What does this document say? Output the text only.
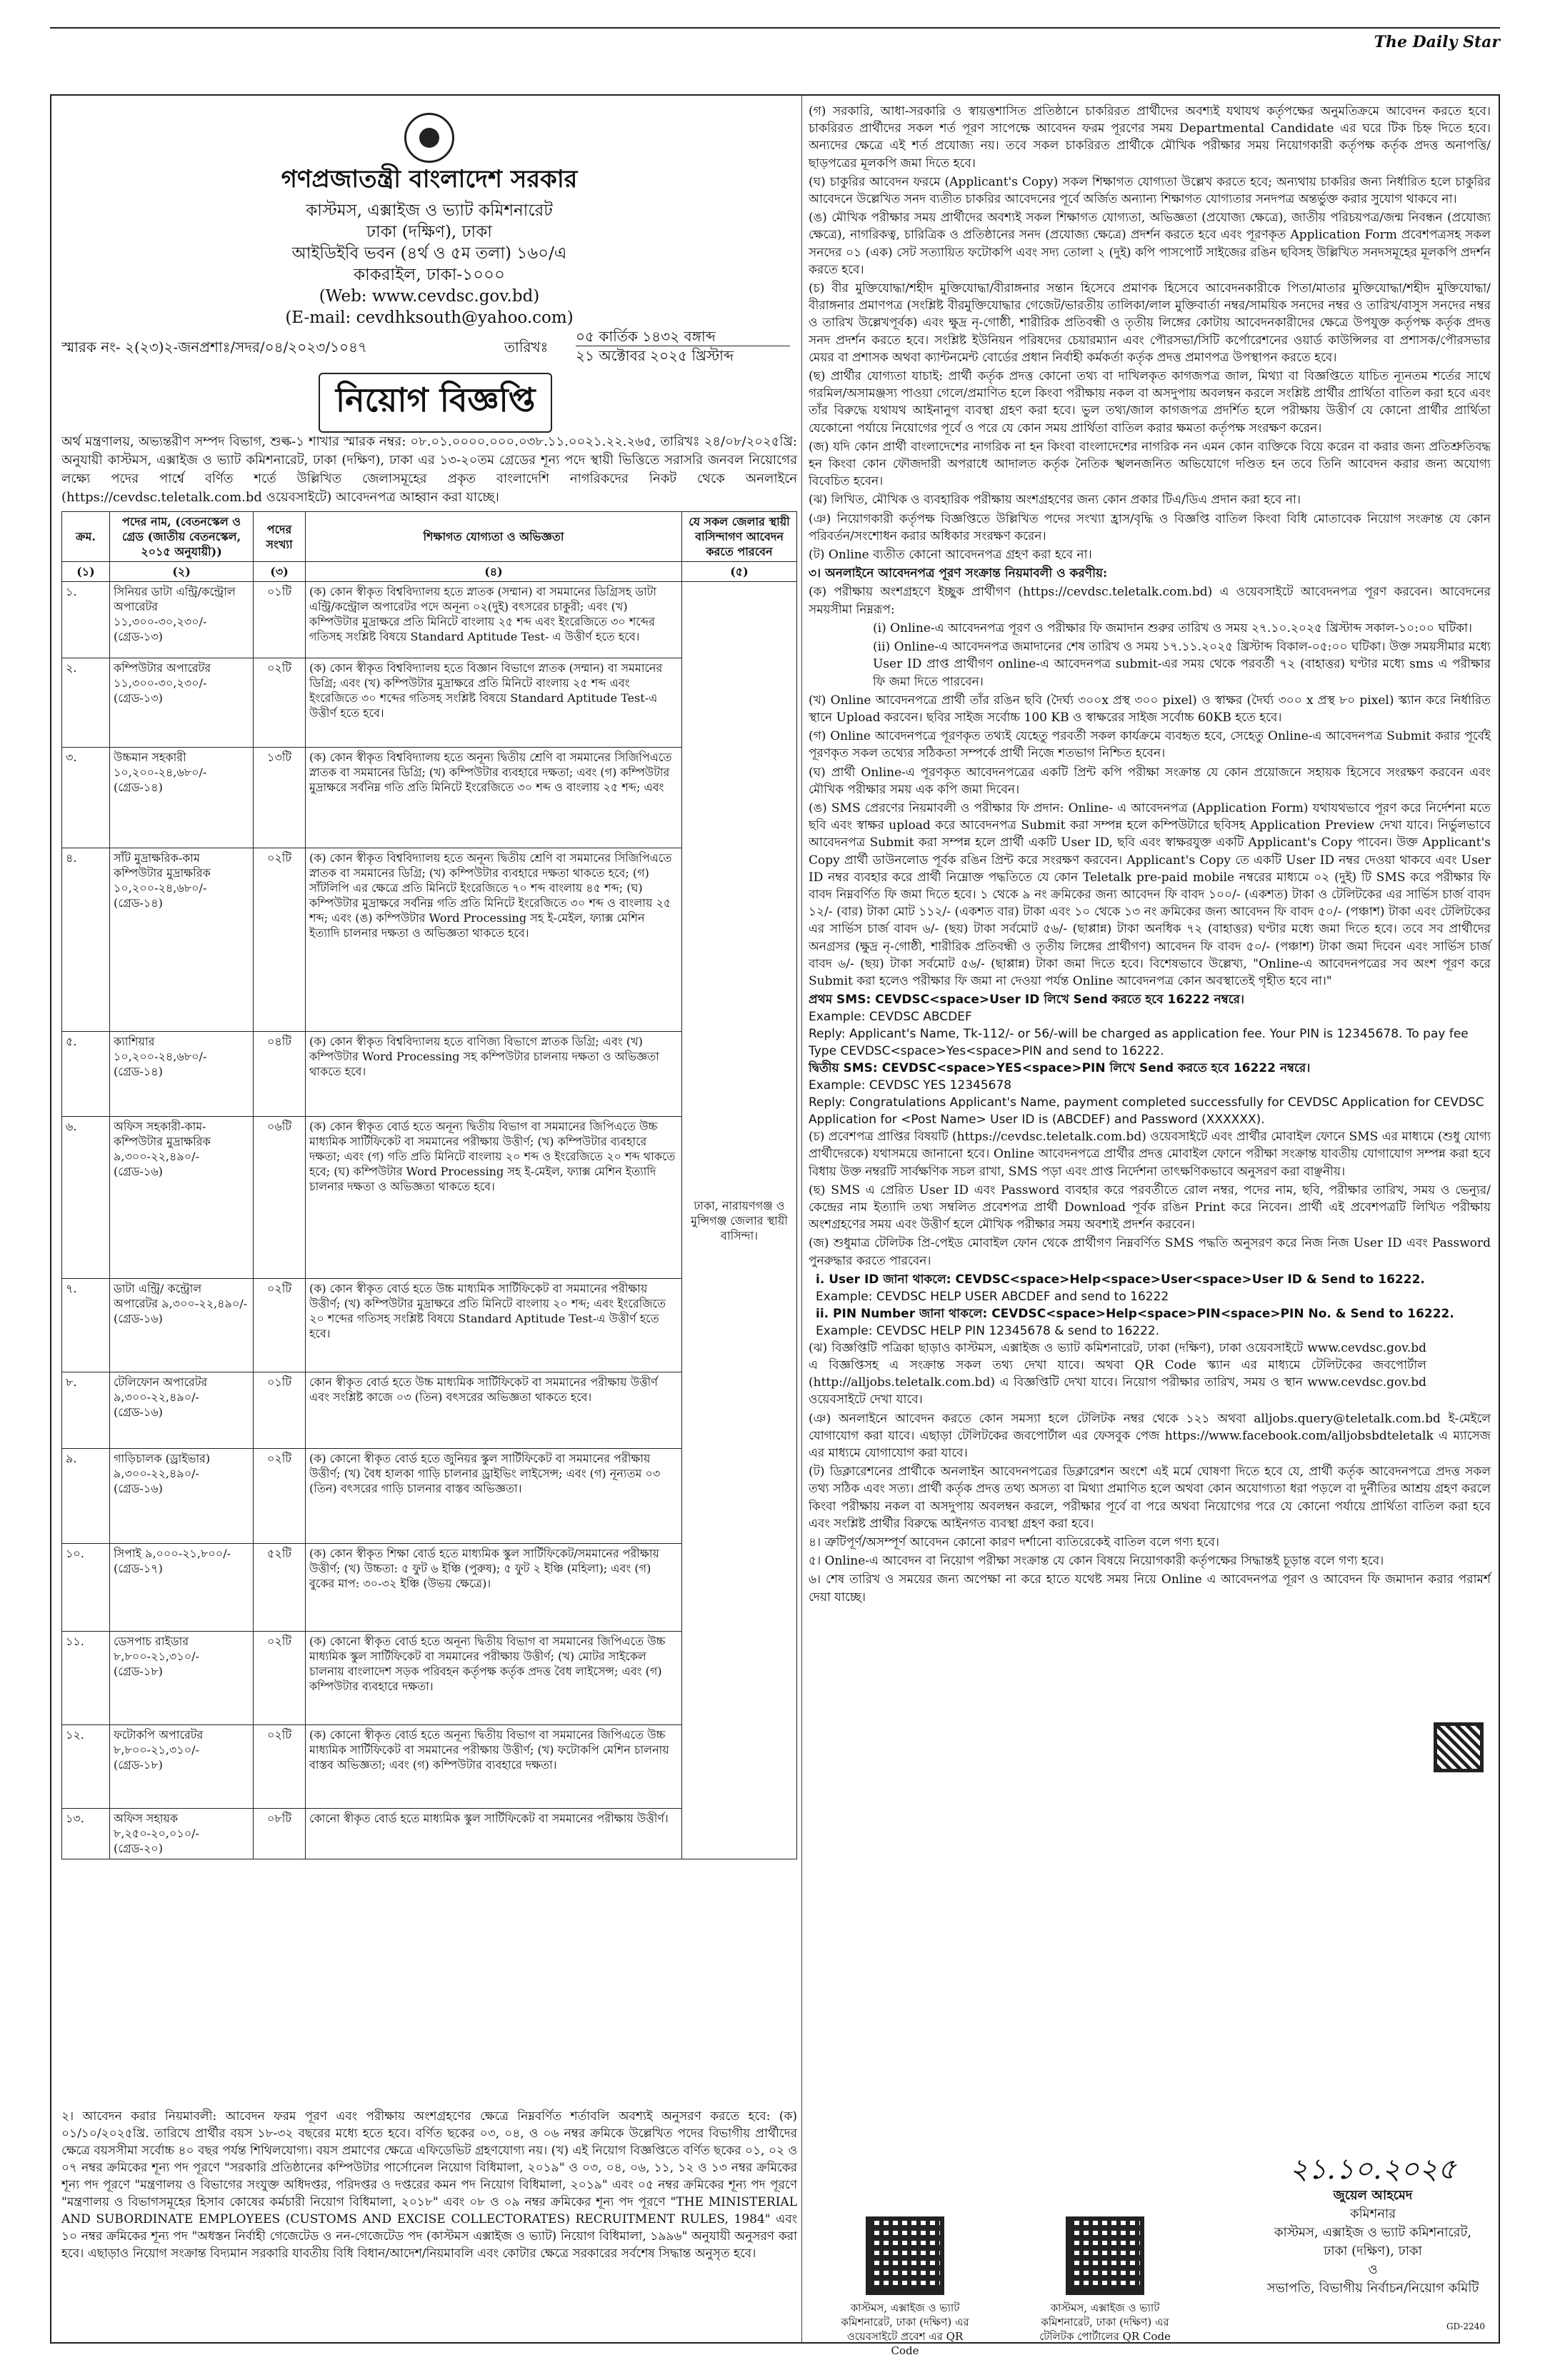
The Daily Star
গণপ্রজাতন্ত্রী বাংলাদেশ সরকার
কাস্টমস, এক্সাইজ ও ভ্যাট কমিশনারেট
ঢাকা (দক্ষিণ), ঢাকা
আইডিইবি ভবন (৪র্থ ও ৫ম তলা) ১৬০/এ
কাকরাইল, ঢাকা-১০০০
(Web: www.cevdsc.gov.bd)
(E-mail: cevdhksouth@yahoo.com)
স্মারক নং- ২(২৩)২-জনপ্রশাঃ/সদর/০৪/২০২৩/১০৪৭	তারিখঃ
০৫ কার্তিক ১৪৩২ বঙ্গাব্দ
২১ অক্টোবর ২০২৫ খ্রিস্টাব্দ
নিয়োগ বিজ্ঞপ্তি
অর্থ মন্ত্রণালয়, অভ্যন্তরীণ সম্পদ বিভাগ, শুল্ক-১ শাখার স্মারক নম্বর: ০৮.০১.০০০০.০০০.০৩৮.১১.০০২১.২২.২৬৫, তারিখঃ ২৪/০৮/২০২৫খ্রি: অনুযায়ী কাস্টমস, এক্সাইজ ও ভ্যাট কমিশনারেট, ঢাকা (দক্ষিণ), ঢাকা এর ১৩-২০তম গ্রেডের শূন্য পদে স্থায়ী ভিত্তিতে সরাসরি জনবল নিয়োগের লক্ষ্যে পদের পার্শ্বে বর্ণিত শর্তে উল্লিখিত জেলাসমূহের প্রকৃত বাংলাদেশি নাগরিকদের নিকট থেকে অনলাইনে (https://cevdsc.teletalk.com.bd ওয়েবসাইটে) আবেদনপত্র আহ্বান করা যাচ্ছে।
ক্রম.	পদের নাম, (বেতনস্কেল ও গ্রেড (জাতীয় বেতনস্কেল, ২০১৫ অনুযায়ী))	পদের সংখ্যা	শিক্ষাগত যোগ্যতা ও অভিজ্ঞতা	যে সকল জেলার স্থায়ী বাসিন্দাগণ আবেদন করতে পারবেন
(১)	(২)	(৩)	(৪)	(৫)
১.	সিনিয়র ডাটা এন্ট্রি/কন্ট্রোল অপারেটর ১১,৩০০-৩০,২৩০/- (গ্রেড-১৩)	০১টি	(ক) কোন স্বীকৃত বিশ্ববিদ্যালয় হতে স্নাতক (সম্মান) বা সমমানের ডিগ্রিসহ ডাটা এন্ট্রি/কন্ট্রোল অপারেটর পদে অনূন্য ০২(দুই) বৎসরের চাকুরী; এবং (খ) কম্পিউটার মুদ্রাক্ষরে প্রতি মিনিটে বাংলায় ২৫ শব্দ এবং ইংরেজিতে ৩০ শব্দের গতিসহ সংশ্লিষ্ট বিষয়ে Standard Aptitude Test- এ উত্তীর্ণ হতে হবে।	ঢাকা, নারায়ণগঞ্জ ও মুন্সিগঞ্জ জেলার স্থায়ী বাসিন্দা।
২.	কম্পিউটার অপারেটর ১১,৩০০-৩০,২৩০/- (গ্রেড-১৩)	০২টি	(ক) কোন স্বীকৃত বিশ্ববিদ্যালয় হতে বিজ্ঞান বিভাগে স্নাতক (সম্মান) বা সমমানের ডিগ্রি; এবং (খ) কম্পিউটার মুদ্রাক্ষরে প্রতি মিনিটে বাংলায় ২৫ শব্দ এবং ইংরেজিতে ৩০ শব্দের গতিসহ সংশ্লিষ্ট বিষয়ে Standard Aptitude Test-এ উত্তীর্ণ হতে হবে।	
৩.	উচ্চমান সহকারী ১০,২০০-২৪,৬৮০/- (গ্রেড-১৪)	১৩টি	(ক) কোন স্বীকৃত বিশ্ববিদ্যালয় হতে অনূন্য দ্বিতীয় শ্রেণি বা সমমানের সিজিপিএতে স্নাতক বা সমমানের ডিগ্রি; (খ) কম্পিউটার ব্যবহারে দক্ষতা; এবং (গ) কম্পিউটার মুদ্রাক্ষরে সর্বনিম্ন গতি প্রতি মিনিটে ইংরেজিতে ৩০ শব্দ ও বাংলায় ২৫ শব্দ; এবং	
৪.	সাঁট মুদ্রাক্ষরিক-কাম কম্পিউটার মুদ্রাক্ষরিক ১০,২০০-২৪,৬৮০/- (গ্রেড-১৪)	০২টি	(ক) কোন স্বীকৃত বিশ্ববিদ্যালয় হতে অনূন্য দ্বিতীয় শ্রেণি বা সমমানের সিজিপিএতে স্নাতক বা সমমানের ডিগ্রি; (খ) কম্পিউটার ব্যবহারে দক্ষতা থাকতে হবে; (গ) সাঁটলিপি এর ক্ষেত্রে প্রতি মিনিটে ইংরেজিতে ৭০ শব্দ বাংলায় ৪৫ শব্দ; (ঘ) কম্পিউটার মুদ্রাক্ষরে সর্বনিম্ন গতি প্রতি মিনিটে ইংরেজিতে ৩০ শব্দ ও বাংলায় ২৫ শব্দ; এবং (ঙ) কম্পিউটার Word Processing সহ ই-মেইল, ফ্যাক্স মেশিন ইত্যাদি চালনার দক্ষতা ও অভিজ্ঞতা থাকতে হবে।	
৫.	ক্যাশিয়ার ১০,২০০-২৪,৬৮০/- (গ্রেড-১৪)	০৪টি	(ক) কোন স্বীকৃত বিশ্ববিদ্যালয় হতে বাণিজ্য বিভাগে স্নাতক ডিগ্রি; এবং (খ) কম্পিউটার Word Processing সহ কম্পিউটার চালনায় দক্ষতা ও অভিজ্ঞতা থাকতে হবে।	
৬.	অফিস সহকারী-কাম-কম্পিউটার মুদ্রাক্ষরিক ৯,৩০০-২২,৪৯০/- (গ্রেড-১৬)	০৬টি	(ক) কোন স্বীকৃত বোর্ড হতে অনূন্য দ্বিতীয় বিভাগ বা সমমানের জিপিএতে উচ্চ মাধ্যমিক সার্টিফিকেট বা সমমানের পরীক্ষায় উত্তীর্ণ; (খ) কম্পিউটার ব্যবহারে দক্ষতা; এবং (গ) গতি প্রতি মিনিটে বাংলায় ২০ শব্দ ও ইংরেজিতে ২০ শব্দ থাকতে হবে; (ঘ) কম্পিউটার Word Processing সহ ই-মেইল, ফ্যাক্স মেশিন ইত্যাদি চালনার দক্ষতা ও অভিজ্ঞতা থাকতে হবে।	
৭.	ডাটা এন্ট্রি/ কন্ট্রোল অপারেটর ৯,৩০০-২২,৪৯০/- (গ্রেড-১৬)	০২টি	(ক) কোন স্বীকৃত বোর্ড হতে উচ্চ মাধ্যমিক সার্টিফিকেট বা সমমানের পরীক্ষায় উত্তীর্ণ; (খ) কম্পিউটার মুদ্রাক্ষরে প্রতি মিনিটে বাংলায় ২০ শব্দ; এবং ইংরেজিতে ২০ শব্দের গতিসহ সংশ্লিষ্ট বিষয়ে Standard Aptitude Test-এ উত্তীর্ণ হতে হবে।	
৮.	টেলিফোন অপারেটর ৯,৩০০-২২,৪৯০/- (গ্রেড-১৬)	০১টি	কোন স্বীকৃত বোর্ড হতে উচ্চ মাধ্যমিক সার্টিফিকেট বা সমমানের পরীক্ষায় উত্তীর্ণ এবং সংশ্লিষ্ট কাজে ০৩ (তিন) বৎসরের অভিজ্ঞতা থাকতে হবে।	
৯.	গাড়িচালক (ড্রাইভার) ৯,৩০০-২২,৪৯০/- (গ্রেড-১৬)	০২টি	(ক) কোনো স্বীকৃত বোর্ড হতে জুনিয়র স্কুল সার্টিফিকেট বা সমমানের পরীক্ষায় উত্তীর্ণ; (খ) বৈধ হালকা গাড়ি চালনার ড্রাইভিং লাইসেন্স; এবং (গ) নূন্যতম ০৩ (তিন) বৎসরের গাড়ি চালনার বাস্তব অভিজ্ঞতা।	
১০.	সিপাই ৯,০০০-২১,৮০০/- (গ্রেড-১৭)	৫২টি	(ক) কোন স্বীকৃত শিক্ষা বোর্ড হতে মাধ্যমিক স্কুল সার্টিফিকেট/সমমানের পরীক্ষায় উত্তীর্ণ; (খ) উচ্চতা: ৫ ফুট ৬ ইঞ্চি (পুরুষ); ৫ ফুট ২ ইঞ্চি (মহিলা); এবং (গ) বুকের মাপ: ৩০-৩২ ইঞ্চি (উভয় ক্ষেত্রে)।	
১১.	ডেসপাচ রাইডার ৮,৮০০-২১,৩১০/- (গ্রেড-১৮)	০২টি	(ক) কোনো স্বীকৃত বোর্ড হতে অনূন্য দ্বিতীয় বিভাগ বা সমমানের জিপিএতে উচ্চ মাধ্যমিক স্কুল সার্টিফিকেট বা সমমানের পরীক্ষায় উত্তীর্ণ; (খ) মোটর সাইকেল চালনায় বাংলাদেশ সড়ক পরিবহন কর্তৃপক্ষ কর্তৃক প্রদত্ত বৈধ লাইসেন্স; এবং (গ) কম্পিউটার ব্যবহারে দক্ষতা।	
১২.	ফটোকপি অপারেটর ৮,৮০০-২১,৩১০/- (গ্রেড-১৮)	০২টি	(ক) কোনো স্বীকৃত বোর্ড হতে অনূন্য দ্বিতীয় বিভাগ বা সমমানের জিপিএতে উচ্চ মাধ্যমিক সার্টিফিকেট বা সমমানের পরীক্ষায় উত্তীর্ণ; (খ) ফটোকপি মেশিন চালনায় বাস্তব অভিজ্ঞতা; এবং (গ) কম্পিউটার ব্যবহারে দক্ষতা।	
১৩.	অফিস সহায়ক ৮,২৫০-২০,০১০/- (গ্রেড-২০)	০৮টি	কোনো স্বীকৃত বোর্ড হতে মাধ্যমিক স্কুল সার্টিফিকেট বা সমমানের পরীক্ষায় উত্তীর্ণ।	
২। আবেদন করার নিয়মাবলী: আবেদন ফরম পূরণ এবং পরীক্ষায় অংশগ্রহণের ক্ষেত্রে নিম্নবর্ণিত শর্তাবলি অবশ্যই অনুসরণ করতে হবে: (ক) ০১/১০/২০২৫খ্রি. তারিখে প্রার্থীর বয়স ১৮-৩২ বছরের মধ্যে হতে হবে। বর্ণিত ছকের ০৩, ০৪, ও ০৬ নম্বর ক্রমিকে উল্লেখিত পদের বিভাগীয় প্রার্থীদের ক্ষেত্রে বয়সসীমা সর্বোচ্চ ৪০ বছর পর্যন্ত শিথিলযোগ্য। বয়স প্রমাণের ক্ষেত্রে এফিডেভিট গ্রহণযোগ্য নয়। (খ) এই নিয়োগ বিজ্ঞপ্তিতে বর্ণিত ছকের ০১, ০২ ও ০৭ নম্বর ক্রমিকের শূন্য পদ পূরণে "সরকারি প্রতিষ্ঠানের কম্পিউটার পার্সোনেল নিয়োগ বিধিমালা, ২০১৯" ও ০৩, ০৪, ০৬, ১১, ১২ ও ১৩ নম্বর ক্রমিকের শূন্য পদ পূরণে "মন্ত্রণালয় ও বিভাগের সংযুক্ত অধিদপ্তর, পরিদপ্তর ও দপ্তরের কমন পদ নিয়োগ বিধিমালা, ২০১৯" এবং ০৫ নম্বর ক্রমিকের শূন্য পদ পূরণে "মন্ত্রণালয় ও বিভাগসমূহের হিসাব কোষের কর্মচারী নিয়োগ বিধিমালা, ২০১৮" এবং ০৮ ও ০৯ নম্বর ক্রমিকের শূন্য পদ পূরণে "THE MINISTERIAL AND SUBORDINATE EMPLOYEES (CUSTOMS AND EXCISE COLLECTORATES) RECRUITMENT RULES, 1984" এবং ১০ নম্বর ক্রমিকের শূন্য পদ "অধস্তন নির্বাহী গেজেটেড ও নন-গেজেটেড পদ (কাস্টমস এক্সাইজ ও ভ্যাট) নিয়োগ বিধিমালা, ১৯৯৬" অনুযায়ী অনুসরণ করা হবে। এছাড়াও নিয়োগ সংক্রান্ত বিদ্যমান সরকারি যাবতীয় বিধি বিধান/আদেশ/নিয়মাবলি এবং কোটার ক্ষেত্রে সরকারের সর্বশেষ সিদ্ধান্ত অনুসৃত হবে।

(গ) সরকারি, আধা-সরকারি ও স্বায়ত্তশাসিত প্রতিষ্ঠানে চাকরিরত প্রার্থীদের অবশ্যই যথাযথ কর্তৃপক্ষের অনুমতিক্রমে আবেদন করতে হবে। চাকরিরত প্রার্থীদের সকল শর্ত পূরণ সাপেক্ষে আবেদন ফরম পূরণের সময় Departmental Candidate এর ঘরে টিক চিহ্ন দিতে হবে। অন্যদের ক্ষেত্রে এই শর্ত প্রযোজ্য নয়। তবে সকল চাকরিরত প্রার্থীকে মৌখিক পরীক্ষার সময় নিয়োগকারী কর্তৃপক্ষ কর্তৃক প্রদত্ত অনাপত্তি/ছাড়পত্রের মূলকপি জমা দিতে হবে।

(ঘ) চাকুরির আবেদন ফরমে (Applicant's Copy) সকল শিক্ষাগত যোগ্যতা উল্লেখ করতে হবে; অন্যথায় চাকরির জন্য নির্ধারিত হলে চাকুরির আবেদনে উল্লেখিত সনদ ব্যতীত চাকরির আবেদনের পূর্বে অর্জিত অন্যান্য শিক্ষাগত যোগ্যতার সনদপত্র অন্তর্ভুক্ত করার সুযোগ থাকবে না।

(ঙ) মৌখিক পরীক্ষার সময় প্রার্থীদের অবশ্যই সকল শিক্ষাগত যোগ্যতা, অভিজ্ঞতা (প্রযোজ্য ক্ষেত্রে), জাতীয় পরিচয়পত্র/জন্ম নিবন্ধন (প্রযোজ্য ক্ষেত্রে), নাগরিকত্ব, চারিত্রিক ও প্রতিষ্ঠানের সনদ (প্রযোজ্য ক্ষেত্রে) প্রদর্শন করতে হবে এবং পূরণকৃত Application Form প্রবেশপত্রসহ সকল সনদের ০১ (এক) সেট সত্যায়িত ফটোকপি এবং সদ্য তোলা ২ (দুই) কপি পাসপোর্ট সাইজের রঙিন ছবিসহ উল্লিখিত সনদসমূহের মূলকপি প্রদর্শন করতে হবে।

(চ) বীর মুক্তিযোদ্ধা/শহীদ মুক্তিযোদ্ধা/বীরাঙ্গনার সন্তান হিসেবে প্রমাণক হিসেবে আবেদনকারীকে পিতা/মাতার মুক্তিযোদ্ধা/শহীদ মুক্তিযোদ্ধা/বীরাঙ্গনার প্রমাণপত্র (সংশ্লিষ্ট বীরমুক্তিযোদ্ধার গেজেট/ভারতীয় তালিকা/লাল মুক্তিবার্তা নম্বর/সাময়িক সনদের নম্বর ও তারিখ/বাসুস সনদের নম্বর ও তারিখ উল্লেখপূর্বক) এবং ক্ষুদ্র নৃ-গোষ্ঠী, শারীরিক প্রতিবন্ধী ও তৃতীয় লিঙ্গের কোটায় আবেদনকারীদের ক্ষেত্রে উপযুক্ত কর্তৃপক্ষ কর্তৃক প্রদত্ত সনদ প্রদর্শন করতে হবে। সংশ্লিষ্ট ইউনিয়ন পরিষদের চেয়ারম্যান এবং পৌরসভা/সিটি কর্পোরেশনের ওয়ার্ড কাউন্সিলর বা প্রশাসক/পৌরসভার মেয়র বা প্রশাসক অথবা ক্যান্টনমেন্ট বোর্ডের প্রধান নির্বাহী কর্মকর্তা কর্তৃক প্রদত্ত প্রমাণপত্র উপস্থাপন করতে হবে।

(ছ) প্রার্থীর যোগ্যতা যাচাই: প্রার্থী কর্তৃক প্রদত্ত কোনো তথ্য বা দাখিলকৃত কাগজপত্র জাল, মিথ্যা বা বিজ্ঞপ্তিতে যাচিত ন্যূনতম শর্তের সাথে গরমিল/অসামঞ্জস্য পাওয়া গেলে/প্রমাণিত হলে কিংবা পরীক্ষায় নকল বা অসদুপায় অবলম্বন করলে সংশ্লিষ্ট প্রার্থীর প্রার্থিতা বাতিল করা হবে এবং তাঁর বিরুদ্ধে যথাযথ আইনানুগ ব্যবস্থা গ্রহণ করা হবে। ভুল তথ্য/জাল কাগজপত্র প্রদর্শিত হলে পরীক্ষায় উত্তীর্ণ যে কোনো প্রার্থীর প্রার্থিতা যেকোনো পর্যায়ে নিয়োগের পূর্বে ও পরে যে কোন সময় প্রার্থিতা বাতিল করার ক্ষমতা কর্তৃপক্ষ সংরক্ষণ করেন।

(জ) যদি কোন প্রার্থী বাংলাদেশের নাগরিক না হন কিংবা বাংলাদেশের নাগরিক নন এমন কোন ব্যক্তিকে বিয়ে করেন বা করার জন্য প্রতিশ্রুতিবদ্ধ হন কিংবা কোন ফৌজদারী অপরাধে আদালত কর্তৃক নৈতিক স্খলনজনিত অভিযোগে দণ্ডিত হন তবে তিনি আবেদন করার জন্য অযোগ্য বিবেচিত হবেন।

(ঝ) লিখিত, মৌখিক ও ব্যবহারিক পরীক্ষায় অংশগ্রহণের জন্য কোন প্রকার টিএ/ডিএ প্রদান করা হবে না।

(ঞ) নিয়োগকারী কর্তৃপক্ষ বিজ্ঞপ্তিতে উল্লিখিত পদের সংখ্যা হ্রাস/বৃদ্ধি ও বিজ্ঞপ্তি বাতিল কিংবা বিধি মোতাবেক নিয়োগ সংক্রান্ত যে কোন পরিবর্তন/সংশোধন করার অধিকার সংরক্ষণ করেন।

(ট) Online ব্যতীত কোনো আবেদনপত্র গ্রহণ করা হবে না।

৩। অনলাইনে আবেদনপত্র পূরণ সংক্রান্ত নিয়মাবলী ও করণীয়:

(ক) পরীক্ষায় অংশগ্রহণে ইচ্ছুক প্রার্থীগণ (https://cevdsc.teletalk.com.bd) এ ওয়েবসাইটে আবেদনপত্র পূরণ করবেন। আবেদনের সময়সীমা নিম্নরূপ:

(i) Online-এ আবেদনপত্র পূরণ ও পরীক্ষার ফি জমাদান শুরুর তারিখ ও সময় ২৭.১০.২০২৫ খ্রিস্টাব্দ সকাল-১০:০০ ঘটিকা।

(ii) Online-এ আবেদনপত্র জমাদানের শেষ তারিখ ও সময় ১৭.১১.২০২৫ খ্রিস্টাব্দ বিকাল-০৫:০০ ঘটিকা। উক্ত সময়সীমার মধ্যে User ID প্রাপ্ত প্রার্থীগণ online-এ আবেদনপত্র submit-এর সময় থেকে পরবর্তী ৭২ (বাহাত্তর) ঘণ্টার মধ্যে sms এ পরীক্ষার ফি জমা দিতে পারবেন।

(খ) Online আবেদনপত্রে প্রার্থী তাঁর রঙিন ছবি (দৈর্ঘ্য ৩০০x প্রস্থ ৩০০ pixel) ও স্বাক্ষর (দৈর্ঘ্য ৩০০ x প্রস্থ ৮০ pixel) স্ক্যান করে নির্ধারিত স্থানে Upload করবেন। ছবির সাইজ সর্বোচ্চ 100 KB ও স্বাক্ষরের সাইজ সর্বোচ্চ 60KB হতে হবে।

(গ) Online আবেদনপত্রে পূরণকৃত তথ্যই যেহেতু পরবর্তী সকল কার্যক্রমে ব্যবহৃত হবে, সেহেতু Online-এ আবেদনপত্র Submit করার পূর্বেই পূরণকৃত সকল তথ্যের সঠিকতা সম্পর্কে প্রার্থী নিজে শতভাগ নিশ্চিত হবেন।

(ঘ) প্রার্থী Online-এ পূরণকৃত আবেদনপত্রের একটি প্রিন্ট কপি পরীক্ষা সংক্রান্ত যে কোন প্রয়োজনে সহায়ক হিসেবে সংরক্ষণ করবেন এবং মৌখিক পরীক্ষার সময় এক কপি জমা দিবেন।

(ঙ) SMS প্রেরণের নিয়মাবলী ও পরীক্ষার ফি প্রদান: Online- এ আবেদনপত্র (Application Form) যথাযথভাবে পূরণ করে নির্দেশনা মতে ছবি এবং স্বাক্ষর upload করে আবেদনপত্র Submit করা সম্পন্ন হলে কম্পিউটারে ছবিসহ Application Preview দেখা যাবে। নির্ভুলভাবে আবেদনপত্র Submit করা সম্পন্ন হলে প্রার্থী একটি User ID, ছবি এবং স্বাক্ষরযুক্ত একটি Applicant's Copy পাবেন। উক্ত Applicant's Copy প্রার্থী ডাউনলোড পূর্বক রঙিন প্রিন্ট করে সংরক্ষণ করবেন। Applicant's Copy তে একটি User ID নম্বর দেওয়া থাকবে এবং User ID নম্বর ব্যবহার করে প্রার্থী নিম্নোক্ত পদ্ধতিতে যে কোন Teletalk pre-paid mobile নম্বরের মাধ্যমে ০২ (দুই) টি SMS করে পরীক্ষার ফি বাবদ নিম্নবর্ণিত ফি জমা দিতে হবে। ১ থেকে ৯ নং ক্রমিকের জন্য আবেদন ফি বাবদ ১০০/- (একশত) টাকা ও টেলিটকের এর সার্ভিস চার্জ বাবদ ১২/- (বার) টাকা মোট ১১২/- (একশত বার) টাকা এবং ১০ থেকে ১৩ নং ক্রমিকের জন্য আবেদন ফি বাবদ ৫০/- (পঞ্চাশ) টাকা এবং টেলিটকের এর সার্ভিস চার্জ বাবদ ৬/- (ছয়) টাকা সর্বমোট ৫৬/- (ছাপ্পান্ন) টাকা অনধিক ৭২ (বাহাত্তর) ঘণ্টার মধ্যে জমা দিতে হবে। তবে সব প্রার্থীদের অনগ্রসর (ক্ষুদ্র নৃ-গোষ্ঠী, শারীরিক প্রতিবন্ধী ও তৃতীয় লিঙ্গের প্রার্থীগণ) আবেদন ফি বাবদ ৫০/- (পঞ্চাশ) টাকা জমা দিবেন এবং সার্ভিস চার্জ বাবদ ৬/- (ছয়) টাকা সর্বমোট ৫৬/- (ছাপ্পান্ন) টাকা জমা দিতে হবে। বিশেষভাবে উল্লেখ্য, "Online-এ আবেদনপত্রের সব অংশ পূরণ করে Submit করা হলেও পরীক্ষার ফি জমা না দেওয়া পর্যন্ত Online আবেদনপত্র কোন অবস্থাতেই গৃহীত হবে না।"

প্রথম SMS: CEVDSC<space>User ID লিখে Send করতে হবে 16222 নম্বরে।
Example: CEVDSC ABCDEF
Reply: Applicant's Name, Tk-112/- or 56/-will be charged as application fee. Your PIN is 12345678. To pay fee Type CEVDSC<space>Yes<space>PIN and send to 16222.
দ্বিতীয় SMS: CEVDSC<space>YES<space>PIN লিখে Send করতে হবে 16222 নম্বরে।
Example: CEVDSC YES 12345678
Reply: Congratulations Applicant's Name, payment completed successfully for CEVDSC Application for CEVDSC Application for <Post Name> User ID is (ABCDEF) and Password (XXXXXX).

(চ) প্রবেশপত্র প্রাপ্তির বিষয়টি (https://cevdsc.teletalk.com.bd) ওয়েবসাইটে এবং প্রার্থীর মোবাইল ফোনে SMS এর মাধ্যমে (শুধু যোগ্য প্রার্থীদেরকে) যথাসময়ে জানানো হবে। Online আবেদনপত্রে প্রার্থীর প্রদত্ত মোবাইল ফোনে পরীক্ষা সংক্রান্ত যাবতীয় যোগাযোগ সম্পন্ন করা হবে বিধায় উক্ত নম্বরটি সার্বক্ষণিক সচল রাখা, SMS পড়া এবং প্রাপ্ত নির্দেশনা তাৎক্ষণিকভাবে অনুসরণ করা বাঞ্ছনীয়।

(ছ) SMS এ প্রেরিত User ID এবং Password ব্যবহার করে পরবর্তীতে রোল নম্বর, পদের নাম, ছবি, পরীক্ষার তারিখ, সময় ও ভেন্যুর/কেন্দ্রের নাম ইত্যাদি তথ্য সম্বলিত প্রবেশপত্র প্রার্থী Download পূর্বক রঙিন Print করে নিবেন। প্রার্থী এই প্রবেশপত্রটি লিখিত পরীক্ষায় অংশগ্রহণের সময় এবং উত্তীর্ণ হলে মৌখিক পরীক্ষার সময় অবশ্যই প্রদর্শন করবেন।

(জ) শুধুমাত্র টেলিটক প্রি-পেইড মোবাইল ফোন থেকে প্রার্থীগণ নিম্নবর্ণিত SMS পদ্ধতি অনুসরণ করে নিজ নিজ User ID এবং Password পুনরুদ্ধার করতে পারবেন।

i. User ID জানা থাকলে: CEVDSC<space>Help<space>User<space>User ID & Send to 16222.
Example: CEVDSC HELP USER ABCDEF and send to 16222
ii. PIN Number জানা থাকলে: CEVDSC<space>Help<space>PIN<space>PIN No. & Send to 16222.
Example: CEVDSC HELP PIN 12345678 & send to 16222.

(ঝ) বিজ্ঞপ্তিটি পত্রিকা ছাড়াও কাস্টমস, এক্সাইজ ও ভ্যাট কমিশনারেট, ঢাকা (দক্ষিণ), ঢাকা ওয়েবসাইটে www.cevdsc.gov.bd এ বিজ্ঞপ্তিসহ এ সংক্রান্ত সকল তথ্য দেখা যাবে। অথবা QR Code স্ক্যান এর মাধ্যমে টেলিটকের জবপোর্টাল (http://alljobs.teletalk.com.bd) এ বিজ্ঞপ্তিটি দেখা যাবে। নিয়োগ পরীক্ষার তারিখ, সময় ও স্থান www.cevdsc.gov.bd ওয়েবসাইটে দেখা যাবে।

(ঞ) অনলাইনে আবেদন করতে কোন সমস্যা হলে টেলিটক নম্বর থেকে ১২১ অথবা alljobs.query@teletalk.com.bd ই-মেইলে যোগাযোগ করা যাবে। এছাড়া টেলিটকের জবপোর্টাল এর ফেসবুক পেজ https://www.facebook.com/alljobsbdteletalk এ ম্যাসেজ এর মাধ্যমে যোগাযোগ করা যাবে।

(ট) ডিক্লারেশনের প্রার্থীকে অনলাইন আবেদনপত্রের ডিক্লারেশন অংশে এই মর্মে ঘোষণা দিতে হবে যে, প্রার্থী কর্তৃক আবেদনপত্রে প্রদত্ত সকল তথ্য সঠিক এবং সত্য। প্রার্থী কর্তৃক প্রদত্ত তথ্য অসত্য বা মিথ্যা প্রমাণিত হলে অথবা কোন অযোগ্যতা ধরা পড়লে বা দুর্নীতির আশ্রয় গ্রহণ করলে কিংবা পরীক্ষায় নকল বা অসদুপায় অবলম্বন করলে, পরীক্ষার পূর্বে বা পরে অথবা নিয়োগের পরে যে কোনো পর্যায়ে প্রার্থিতা বাতিল করা হবে এবং সংশ্লিষ্ট প্রার্থীর বিরুদ্ধে আইনগত ব্যবস্থা গ্রহণ করা হবে।

৪। ত্রুটিপূর্ণ/অসম্পূর্ণ আবেদন কোনো কারণ দর্শানো ব্যতিরেকেই বাতিল বলে গণ্য হবে।

৫। Online-এ আবেদন বা নিয়োগ পরীক্ষা সংক্রান্ত যে কোন বিষয়ে নিয়োগকারী কর্তৃপক্ষের সিদ্ধান্তই চূড়ান্ত বলে গণ্য হবে।

৬। শেষ তারিখ ও সময়ের জন্য অপেক্ষা না করে হাতে যথেষ্ট সময় নিয়ে Online এ আবেদনপত্র পূরণ ও আবেদন ফি জমাদান করার পরামর্শ দেয়া যাচ্ছে।

কাস্টমস, এক্সাইজ ও ভ্যাট কমিশনারেট, ঢাকা (দক্ষিণ) এর ওয়েবসাইটে প্রবেশ এর QR Code
কাস্টমস, এক্সাইজ ও ভ্যাট কমিশনারেট, ঢাকা (দক্ষিণ) এর টেলিটক পোর্টালের QR Code
২১.১০.২০২৫
জুয়েল আহমেদ
কমিশনার
কাস্টমস, এক্সাইজ ও ভ্যাট কমিশনারেট,
ঢাকা (দক্ষিণ), ঢাকা
ও
সভাপতি, বিভাগীয় নির্বাচন/নিয়োগ কমিটি
GD-2240
